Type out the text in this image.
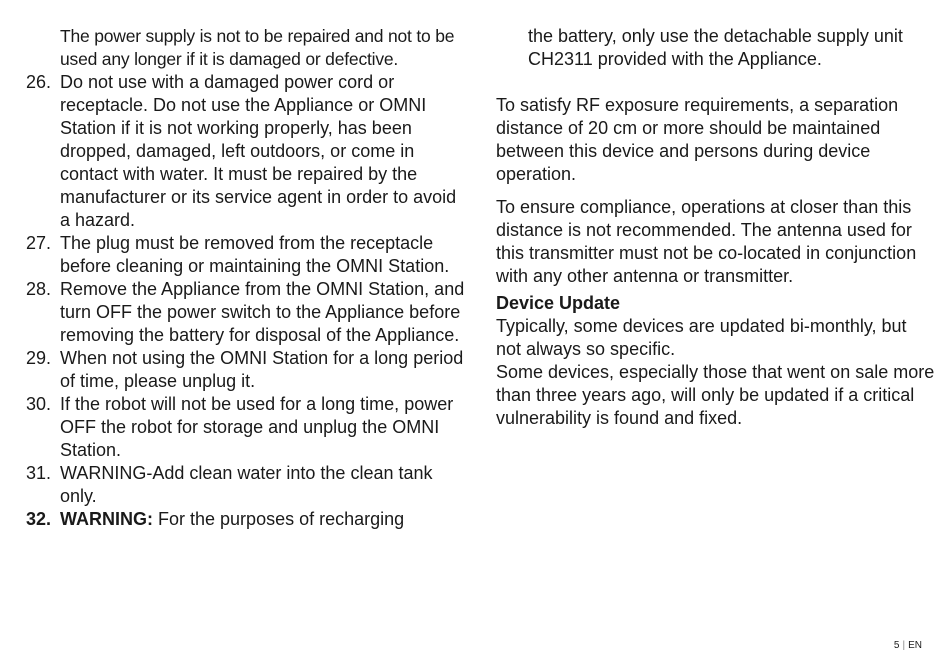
The power supply is not to be repaired and not to be used any longer if it is damaged or defective.
26. Do not use with a damaged power cord or receptacle. Do not use the Appliance or OMNI Station if it is not working properly, has been dropped, damaged, left outdoors, or come in contact with water. It must be repaired by the manufacturer or its service agent in order to avoid a hazard.
27. The plug must be removed from the receptacle before cleaning or maintaining the OMNI Station.
28. Remove the Appliance from the OMNI Station, and turn OFF the power switch to the Appliance before removing the battery for disposal of the Appliance.
29. When not using the OMNI Station for a long period of time, please unplug it.
30. If the robot will not be used for a long time, power OFF the robot for storage and unplug the OMNI Station.
31. WARNING-Add clean water into the clean tank only.
32. WARNING: For the purposes of recharging
the battery, only use the detachable supply unit CH2311 provided with the Appliance.

To satisfy RF exposure requirements, a separation distance of 20 cm or more should be maintained between this device and persons during device operation.

To ensure compliance, operations at closer than this distance is not recommended. The antenna used for this transmitter must not be co-located in conjunction with any other antenna or transmitter.

Device Update

Typically, some devices are updated bi-monthly, but not always so specific.

Some devices, especially those that went on sale more than three years ago, will only be updated if a critical vulnerability is found and fixed.

5 | EN
